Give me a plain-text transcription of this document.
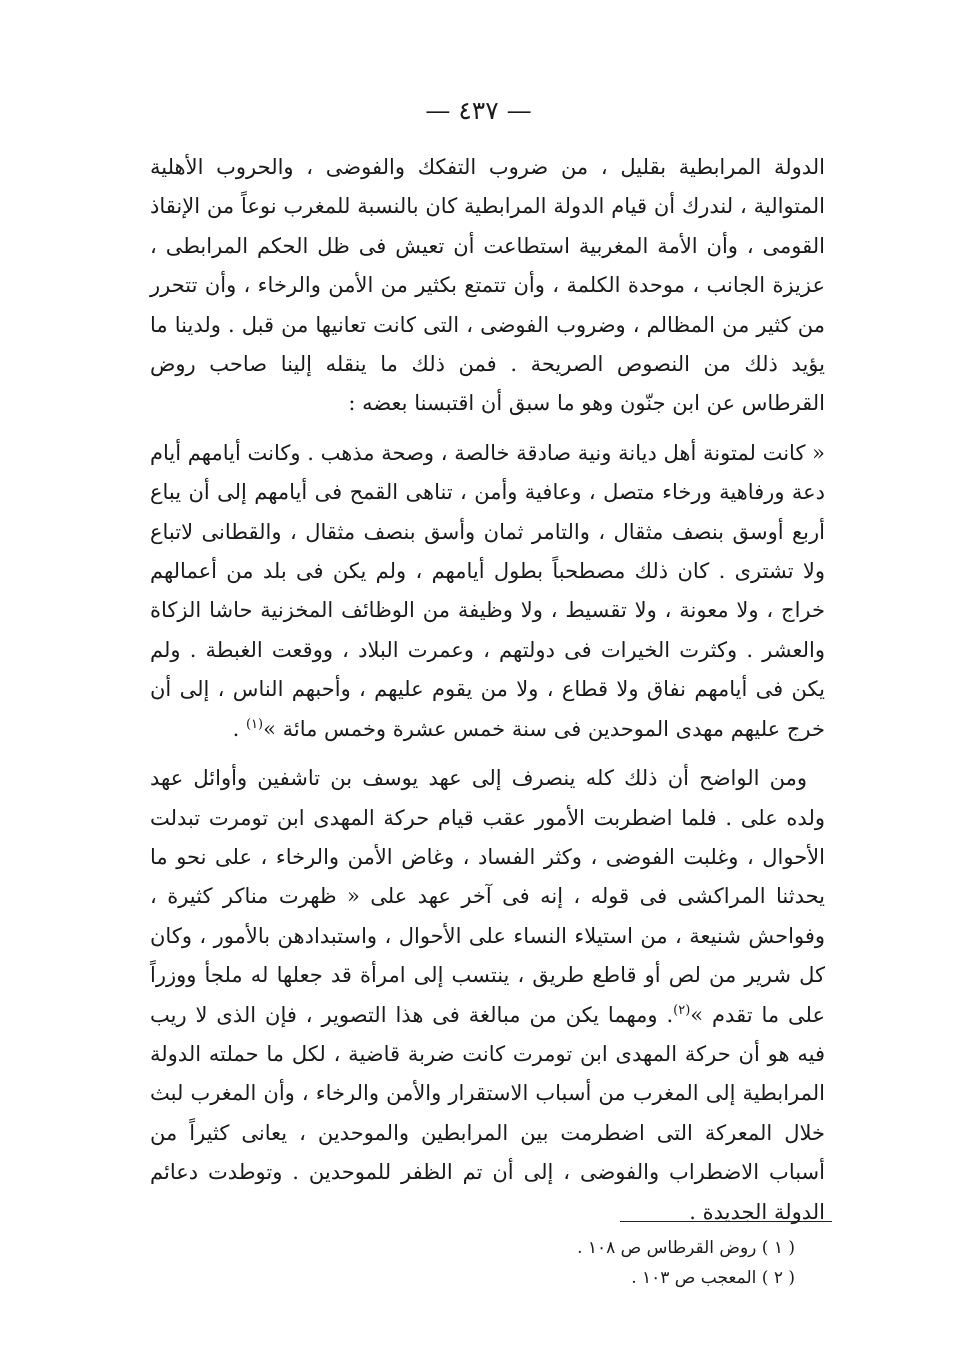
— ٤٣٧ —

الدولة المرابطية بقليل ، من ضروب التفكك والفوضى ، والحروب الأهلية المتوالية ، لندرك أن قيام الدولة المرابطية كان بالنسبة للمغرب نوعاً من الإنقاذ القومى ، وأن الأمة المغربية استطاعت أن تعيش فى ظل الحكم المرابطى ، عزيزة الجانب ، موحدة الكلمة ، وأن تتمتع بكثير من الأمن والرخاء ، وأن تتحرر من كثير من المظالم ، وضروب الفوضى ، التى كانت تعانيها من قبل . ولدينا ما يؤيد ذلك من النصوص الصريحة . فمن ذلك ما ينقله إلينا صاحب روض القرطاس عن ابن جنّون وهو ما سبق أن اقتبسنا بعضه :

« كانت لمتونة أهل ديانة ونية صادقة خالصة ، وصحة مذهب . وكانت أيامهم أيام دعة ورفاهية ورخاء متصل ، وعافية وأمن ، تناهى القمح فى أيامهم إلى أن يباع أربع أوسق بنصف مثقال ، والتامر ثمان وأسق بنصف مثقال ، والقطانى لاتباع ولا تشترى . كان ذلك مصطحباً بطول أيامهم ، ولم يكن فى بلد من أعمالهم خراج ، ولا معونة ، ولا تقسيط ، ولا وظيفة من الوظائف المخزنية حاشا الزكاة والعشر . وكثرت الخيرات فى دولتهم ، وعمرت البلاد ، ووقعت الغبطة . ولم يكن فى أيامهم نفاق ولا قطاع ، ولا من يقوم عليهم ، وأحبهم الناس ، إلى أن خرج عليهم مهدى الموحدين فى سنة خمس عشرة وخمس مائة »$^{(١)}$ .

ومن الواضح أن ذلك كله ينصرف إلى عهد يوسف بن تاشفين وأوائل عهد ولده على . فلما اضطربت الأمور عقب قيام حركة المهدى ابن تومرت تبدلت الأحوال ، وغلبت الفوضى ، وكثر الفساد ، وغاض الأمن والرخاء ، على نحو ما يحدثنا المراكشى فى قوله ، إنه فى آخر عهد على « ظهرت مناكر كثيرة ، وفواحش شنيعة ، من استيلاء النساء على الأحوال ، واستبدادهن بالأمور ، وكان كل شرير من لص أو قاطع طريق ، ينتسب إلى امرأة قد جعلها له ملجأ ووزراً على ما تقدم »$^{(٢)}$. ومهما يكن من مبالغة فى هذا التصوير ، فإن الذى لا ريب فيه هو أن حركة المهدى ابن تومرت كانت ضربة قاضية ، لكل ما حملته الدولة المرابطية إلى المغرب من أسباب الاستقرار والأمن والرخاء ، وأن المغرب لبث خلال المعركة التى اضطرمت بين المرابطين والموحدين ، يعانى كثيراً من أسباب الاضطراب والفوضى ، إلى أن تم الظفر للموحدين . وتوطدت دعائم الدولة الجديدة .

( ١ ) روض القرطاس ص ١٠٨ .

( ٢ ) المعجب ص ١٠٣ .
